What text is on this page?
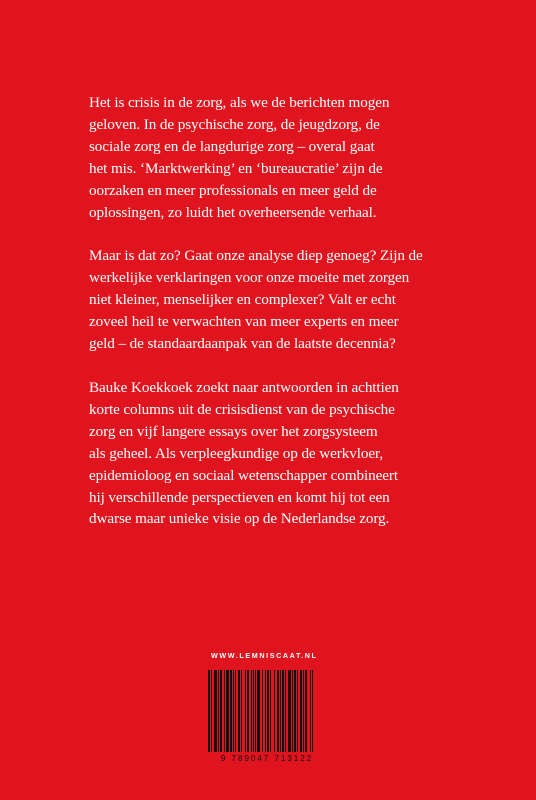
Het is crisis in de zorg, als we de berichten mogen
geloven. In de psychische zorg, de jeugdzorg, de
sociale zorg en de langdurige zorg – overal gaat
het mis. ‘Marktwerking’ en ‘bureaucratie’ zijn de
oorzaken en meer professionals en meer geld de
oplossingen, zo luidt het overheersende verhaal.

Maar is dat zo? Gaat onze analyse diep genoeg? Zijn de
werkelijke verklaringen voor onze moeite met zorgen
niet kleiner, menselijker en complexer? Valt er echt
zoveel heil te verwachten van meer experts en meer
geld – de standaardaanpak van de laatste decennia?

Bauke Koekkoek zoekt naar antwoorden in achttien
korte columns uit de crisisdienst van de psychische
zorg en vijf langere essays over het zorgsysteem
als geheel. Als verpleegkundige op de werkvloer,
epidemioloog en sociaal wetenschapper combineert
hij verschillende perspectieven en komt hij tot een
dwarse maar unieke visie op de Nederlandse zorg.

WWW.LEMNISCAAT.NL
9 789047 713122
